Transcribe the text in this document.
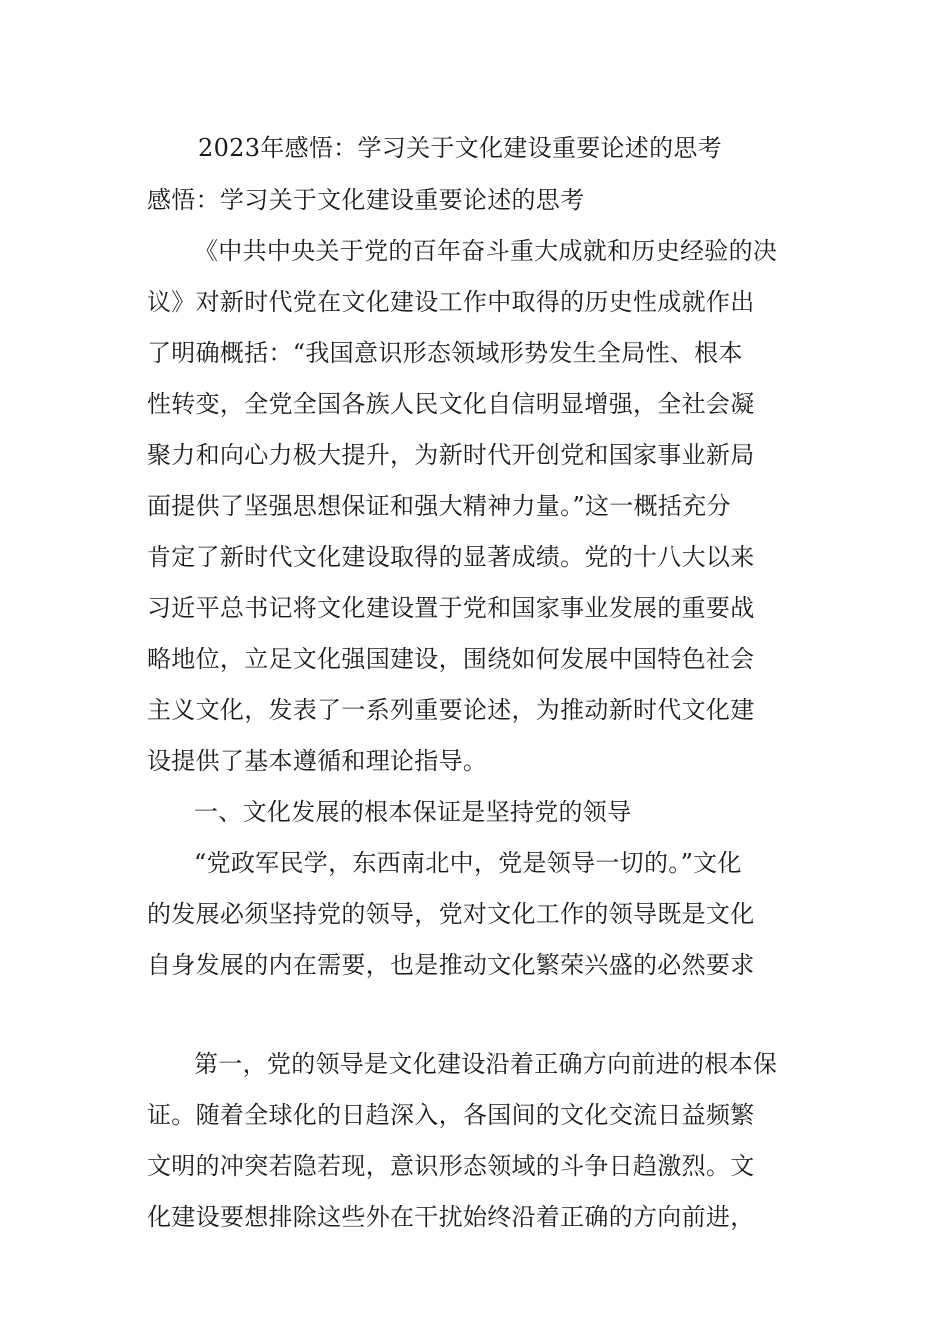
2023年感悟：学习关于文化建设重要论述的思考
感悟：学习关于文化建设重要论述的思考
《中共中央关于党的百年奋斗重大成就和历史经验的决
议》对新时代党在文化建设工作中取得的历史性成就作出
了明确概括：“我国意识形态领域形势发生全局性、根本
性转变，全党全国各族人民文化自信明显增强，全社会凝
聚力和向心力极大提升，为新时代开创党和国家事业新局
面提供了坚强思想保证和强大精神力量。”这一概括充分
肯定了新时代文化建设取得的显著成绩。党的十八大以来
习近平总书记将文化建设置于党和国家事业发展的重要战
略地位，立足文化强国建设，围绕如何发展中国特色社会
主义文化，发表了一系列重要论述，为推动新时代文化建
设提供了基本遵循和理论指导。
一、文化发展的根本保证是坚持党的领导
“党政军民学，东西南北中，党是领导一切的。”文化
的发展必须坚持党的领导，党对文化工作的领导既是文化
自身发展的内在需要，也是推动文化繁荣兴盛的必然要求
第一，党的领导是文化建设沿着正确方向前进的根本保
证。随着全球化的日趋深入，各国间的文化交流日益频繁
文明的冲突若隐若现，意识形态领域的斗争日趋激烈。文
化建设要想排除这些外在干扰始终沿着正确的方向前进，
